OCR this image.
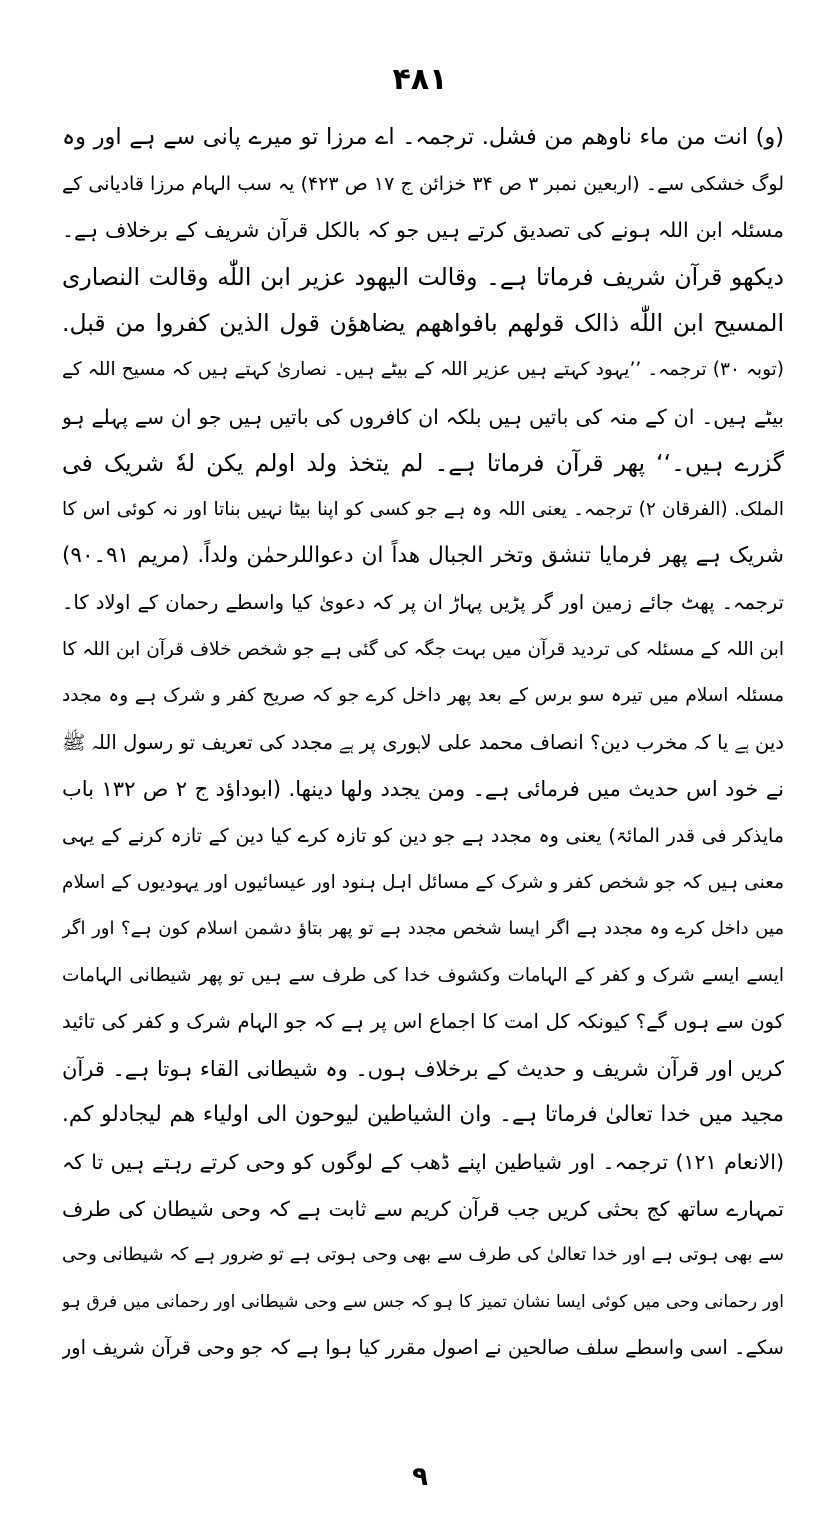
۴۸۱
(و) انت من ماء ناوهم من فشل. ترجمہ۔ اے مرزا تو میرے پانی سے ہے اور وہ
لوگ خشکی سے۔ (اربعین نمبر ۳ ص ۳۴ خزائن ج ۱۷ ص ۴۲۳) یہ سب الہام مرزا قادیانی کے
مسئلہ ابن اللہ ہونے کی تصدیق کرتے ہیں جو کہ بالکل قرآن شریف کے برخلاف ہے۔
دیکھو قرآن شریف فرماتا ہے۔ وقالت الیهود عزیر ابن اللّٰه وقالت النصاری
المسیح ابن اللّٰه ذالک قولهم بافواههم یضاهؤن قول الذین کفروا من قبل.
(توبہ ۳۰) ترجمہ۔ ’’یہود کہتے ہیں عزیر اللہ کے بیٹے ہیں۔ نصاریٰ کہتے ہیں کہ مسیح اللہ کے
بیٹے ہیں۔ ان کے منہ کی باتیں ہیں بلکہ ان کافروں کی باتیں ہیں جو ان سے پہلے ہو
گزرے ہیں۔‘‘ پھر قرآن فرماتا ہے۔ لم یتخذ ولد اولم یکن لهٗ شریک فی
الملک. (الفرقان ۲) ترجمہ۔ یعنی اللہ وہ ہے جو کسی کو اپنا بیٹا نہیں بناتا اور نہ کوئی اس کا
شریک ہے پھر فرمایا تنشق وتخر الجبال هداً ان دعواللرحمٰن ولداً. (مریم ۹۱۔۹۰)
ترجمہ۔ پھٹ جائے زمین اور گر پڑیں پہاڑ ان پر کہ دعویٰ کیا واسطے رحمان کے اولاد کا۔
ابن اللہ کے مسئلہ کی تردید قرآن میں بہت جگہ کی گئی ہے جو شخص خلاف قرآن ابن اللہ کا
مسئلہ اسلام میں تیرہ سو برس کے بعد پھر داخل کرے جو کہ صریح کفر و شرک ہے وہ مجدد
دین ہے یا کہ مخرب دین؟ انصاف محمد علی لاہوری پر ہے مجدد کی تعریف تو رسول اللہ ﷺ
نے خود اس حدیث میں فرمائی ہے۔ ومن یجدد ولها دینها. (ابوداؤد ج ۲ ص ۱۳۲ باب
مایذکر فی قدر المائۃ) یعنی وہ مجدد ہے جو دین کو تازہ کرے کیا دین کے تازہ کرنے کے یہی
معنی ہیں کہ جو شخص کفر و شرک کے مسائل اہل ہنود اور عیسائیوں اور یہودیوں کے اسلام
میں داخل کرے وہ مجدد ہے اگر ایسا شخص مجدد ہے تو پھر بتاؤ دشمن اسلام کون ہے؟ اور اگر
ایسے ایسے شرک و کفر کے الہامات وکشوف خدا کی طرف سے ہیں تو پھر شیطانی الہامات
کون سے ہوں گے؟ کیونکہ کل امت کا اجماع اس پر ہے کہ جو الہام شرک و کفر کی تائید
کریں اور قرآن شریف و حدیث کے برخلاف ہوں۔ وہ شیطانی القاء ہوتا ہے۔ قرآن
مجید میں خدا تعالیٰ فرماتا ہے۔ وان الشیاطین لیوحون الی اولیاء هم لیجادلو کم.
(الانعام ۱۲۱) ترجمہ۔ اور شیاطین اپنے ڈھب کے لوگوں کو وحی کرتے رہتے ہیں تا کہ
تمہارے ساتھ کج بحثی کریں جب قرآن کریم سے ثابت ہے کہ وحی شیطان کی طرف
سے بھی ہوتی ہے اور خدا تعالیٰ کی طرف سے بھی وحی ہوتی ہے تو ضرور ہے کہ شیطانی وحی
اور رحمانی وحی میں کوئی ایسا نشان تمیز کا ہو کہ جس سے وحی شیطانی اور رحمانی میں فرق ہو
سکے۔ اسی واسطے سلف صالحین نے اصول مقرر کیا ہوا ہے کہ جو وحی قرآن شریف اور
۹
